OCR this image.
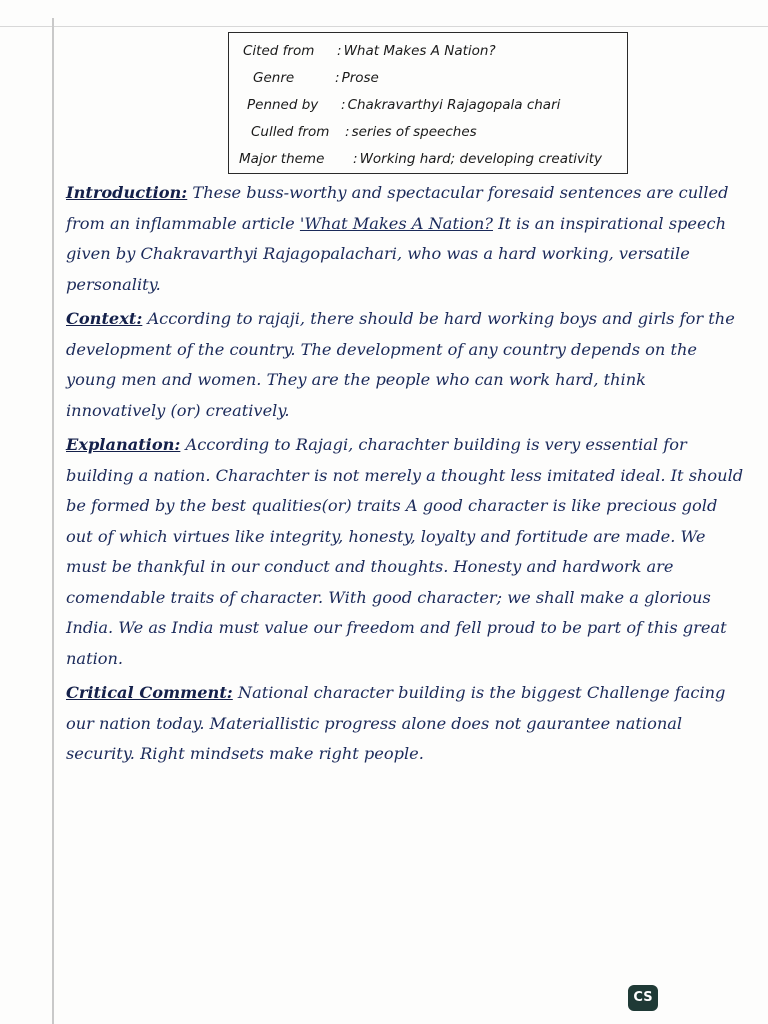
Cited from	: What Makes A Nation?
Genre	: Prose
Penned by	: Chakravarthyi Rajagopala chari
Culled from	: series of speeches
Major theme	: Working hard; developing creativity

Introduction: These buss-worthy and spectacular foresaid sentences are culled from an inflammable article 'What Makes A Nation? It is an inspirational speech given by Chakravarthyi Rajagopalachari, who was a hard working, versatile personality.

Context: According to rajaji, there should be hard working boys and girls for the development of the country. The development of any country depends on the young men and women. They are the people who can work hard, think innovatively (or) creatively.

Explanation: According to Rajagi, charachter building is very essential for building a nation. Charachter is not merely a thought less imitated ideal. It should be formed by the best qualities(or) traits A good character is like precious gold out of which virtues like integrity, honesty, loyalty and fortitude are made. We must be thankful in our conduct and thoughts. Honesty and hardwork are comendable traits of character. With good character; we shall make a glorious India. We as India must value our freedom and fell proud to be part of this great nation.

Critical Comment: National character building is the biggest Challenge facing our nation today. Materiallistic progress alone does not gaurantee national security. Right mindsets make right people.

CS
